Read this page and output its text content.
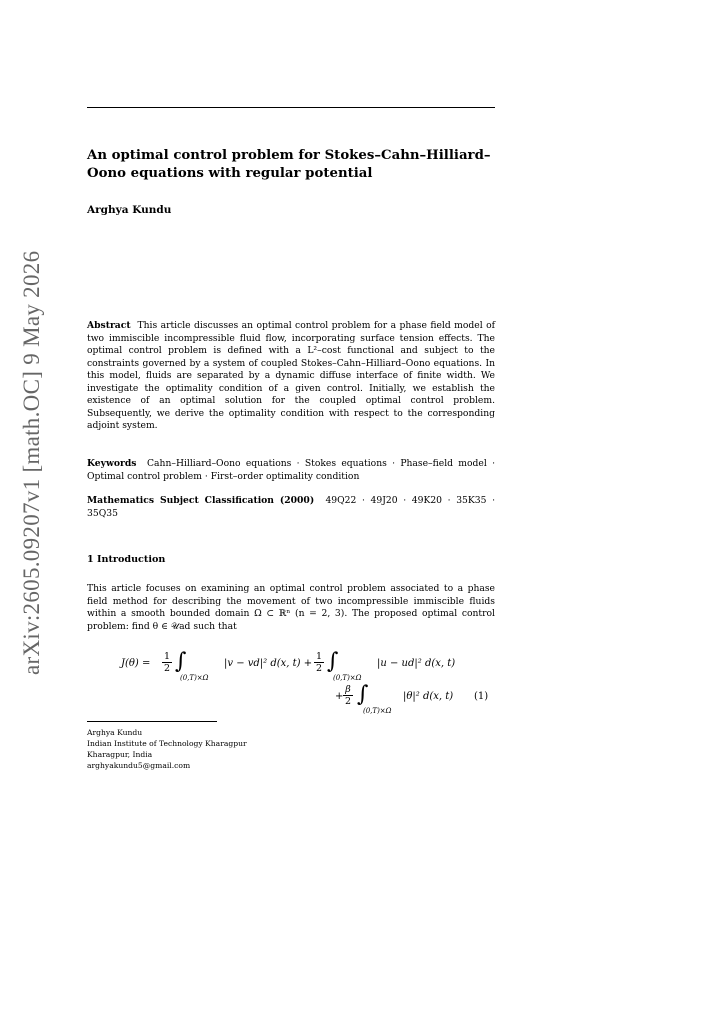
arXiv:2605.09207v1 [math.OC] 9 May 2026
An optimal control problem for Stokes–Cahn–Hilliard–Oono equations with regular potential
Arghya Kundu
Abstract This article discusses an optimal control problem for a phase field model of two immiscible incompressible fluid flow, incorporating surface tension effects. The optimal control problem is defined with a L²–cost functional and subject to the constraints governed by a system of coupled Stokes–Cahn–Hilliard–Oono equations. In this model, fluids are separated by a dynamic diffuse interface of finite width. We investigate the optimality condition of a given control. Initially, we establish the existence of an optimal solution for the coupled optimal control problem. Subsequently, we derive the optimality condition with respect to the corresponding adjoint system.
Keywords Cahn–Hilliard–Oono equations · Stokes equations · Phase–field model · Optimal control problem · First–order optimality condition
Mathematics Subject Classification (2000) 49Q22 · 49J20 · 49K20 · 35K35 · 35Q35
1 Introduction
This article focuses on examining an optimal control problem associated to a phase field method for describing the movement of two incompressible immiscible fluids within a smooth bounded domain Ω ⊂ ℝⁿ (n = 2, 3). The proposed optimal control problem: find θ ∈ 𝒰ad such that
$J(\theta) = \frac{1}{2}$ ∫
(0,T)×Ω
|v − vd|² d(x, $t) + \frac{1}{2}$ ∫
(0,T)×Ω
|u − ud|² d(x, t)
+ $\frac{\beta}{2}$ ∫
(0,T)×Ω
|θ|² d(x, t) (1)
Arghya Kundu
Indian Institute of Technology Kharagpur
Kharagpur, India
arghyakundu5@gmail.com
